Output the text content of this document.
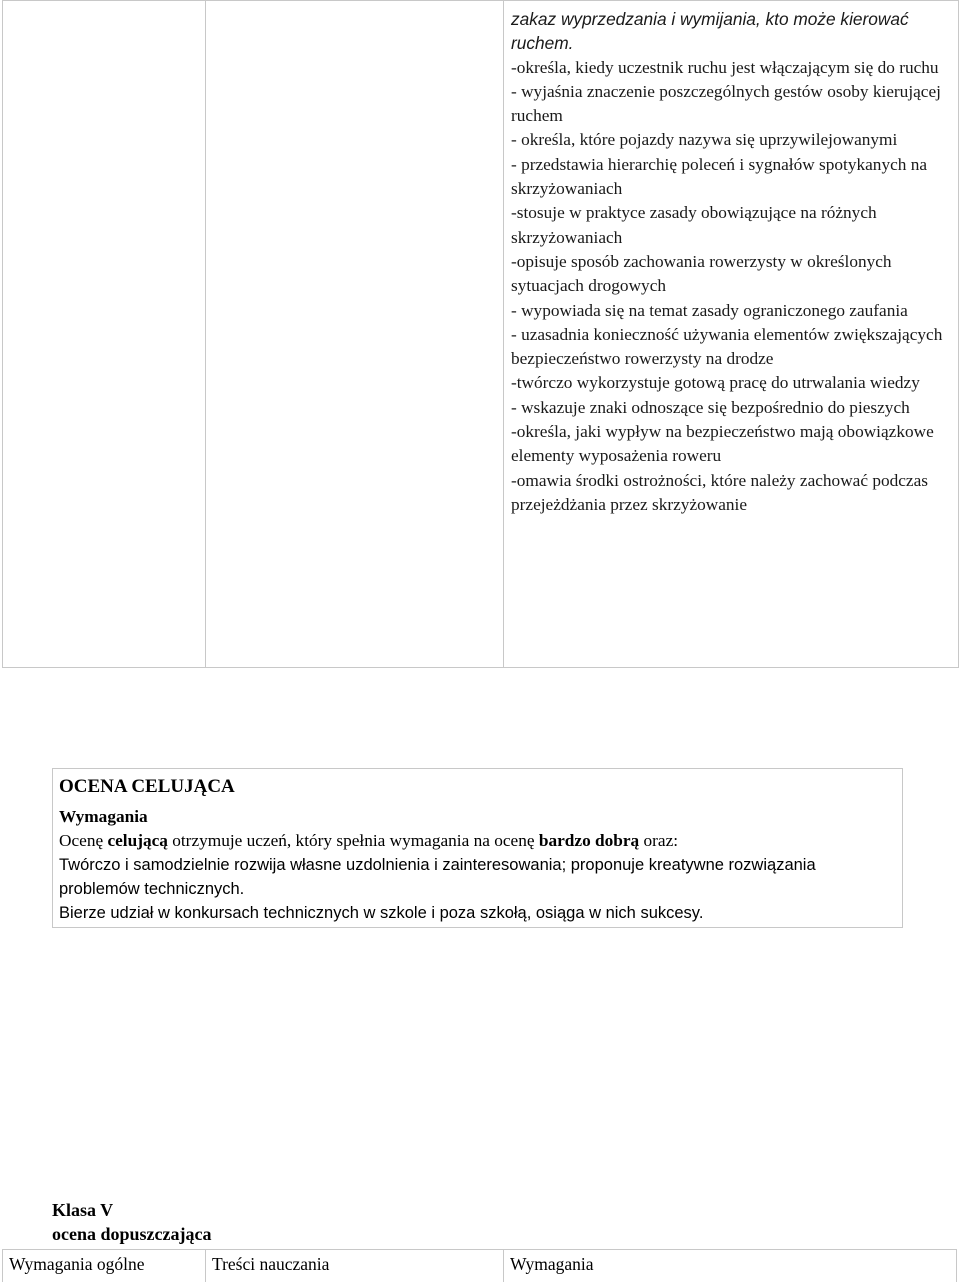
zakaz wyprzedzania i wymijania, kto może kierować ruchem.
-określa, kiedy uczestnik ruchu jest włączającym się do ruchu
- wyjaśnia znaczenie poszczególnych gestów osoby kierującej ruchem
- określa, które pojazdy nazywa się uprzywilejowanymi
- przedstawia hierarchię poleceń i sygnałów spotykanych na skrzyżowaniach
-stosuje w praktyce zasady obowiązujące na różnych skrzyżowaniach
-opisuje sposób zachowania rowerzysty w określonych sytuacjach drogowych
- wypowiada się na temat zasady ograniczonego zaufania
- uzasadnia konieczność używania elementów zwiększających bezpieczeństwo rowerzysty na drodze
-twórczo wykorzystuje gotową pracę do utrwalania wiedzy
- wskazuje znaki odnoszące się bezpośrednio do pieszych
-określa, jaki wypływ na bezpieczeństwo mają obowiązkowe elementy wyposażenia roweru
-omawia środki ostrożności, które należy zachować podczas przejeżdżania przez skrzyżowanie
OCENA CELUJĄCA
Wymagania
Ocenę celującą otrzymuje uczeń, który spełnia wymagania na ocenę bardzo dobrą oraz:
Twórczo i samodzielnie rozwija własne uzdolnienia i zainteresowania; proponuje kreatywne rozwiązania problemów technicznych.
Bierze udział w konkursach technicznych w szkole i poza szkołą, osiąga w nich sukcesy.
Klasa V
ocena dopuszczająca
Wymagania ogólne	Treści nauczania	Wymagania
